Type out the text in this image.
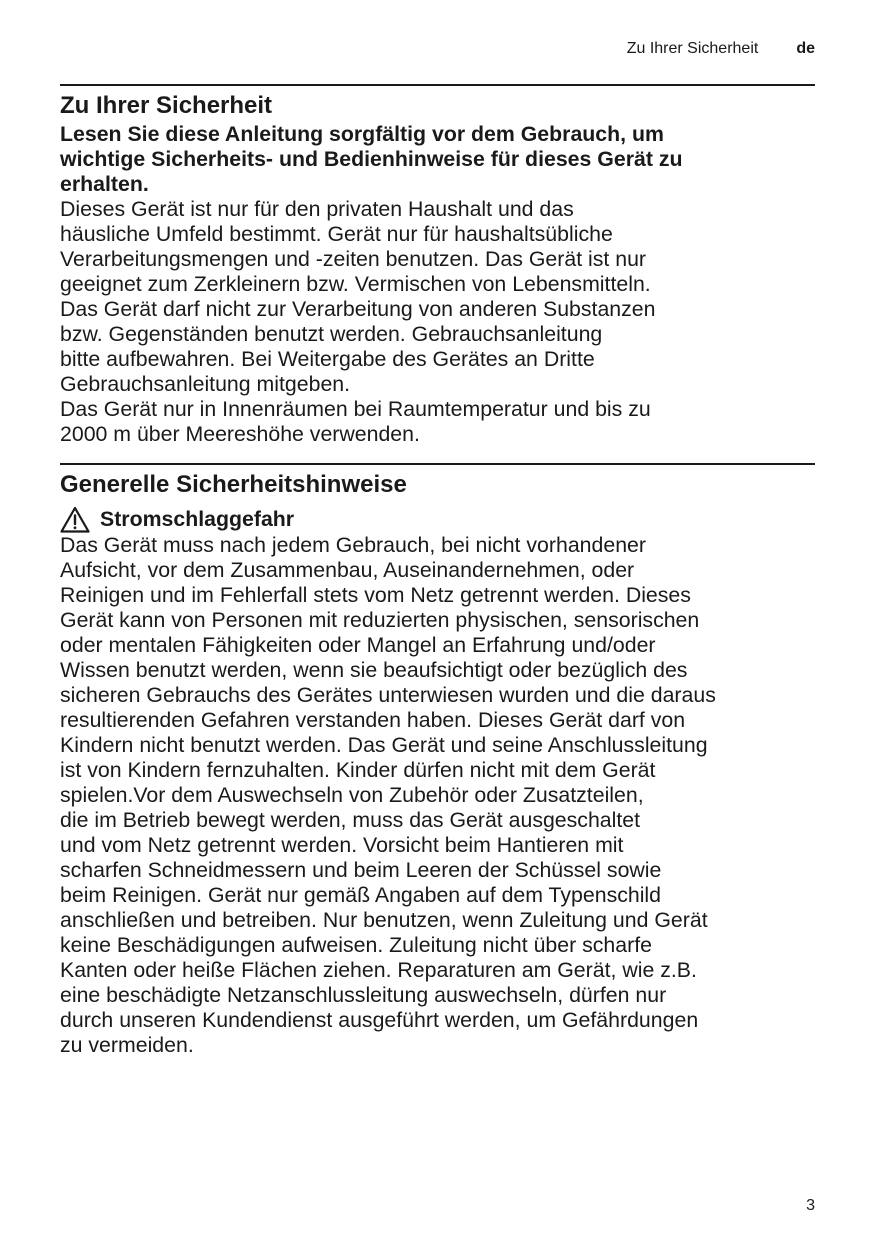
Zu Ihrer Sicherheit de
Zu Ihrer Sicherheit

Lesen Sie diese Anleitung sorgfältig vor dem Gebrauch, um
wichtige Sicherheits- und Bedienhinweise für dieses Gerät zu
erhalten.

Dieses Gerät ist nur für den privaten Haushalt und das
häusliche Umfeld bestimmt. Gerät nur für haushaltsübliche
Verarbeitungsmengen und -zeiten benutzen. Das Gerät ist nur
geeignet zum Zerkleinern bzw. Vermischen von Lebensmitteln.
Das Gerät darf nicht zur Verarbeitung von anderen Substanzen
bzw. Gegenständen benutzt werden. Gebrauchsanleitung
bitte aufbewahren. Bei Weitergabe des Gerätes an Dritte
Gebrauchsanleitung mitgeben.
Das Gerät nur in Innenräumen bei Raumtemperatur und bis zu
2000 m über Meereshöhe verwenden.

Generelle Sicherheitshinweise
Stromschlaggefahr

Das Gerät muss nach jedem Gebrauch, bei nicht vorhandener
Aufsicht, vor dem Zusammenbau, Auseinandernehmen, oder
Reinigen und im Fehlerfall stets vom Netz getrennt werden. Dieses
Gerät kann von Personen mit reduzierten physischen, sensorischen
oder mentalen Fähigkeiten oder Mangel an Erfahrung und/oder
Wissen benutzt werden, wenn sie beaufsichtigt oder bezüglich des
sicheren Gebrauchs des Gerätes unterwiesen wurden und die daraus
resultierenden Gefahren verstanden haben. Dieses Gerät darf von
Kindern nicht benutzt werden. Das Gerät und seine Anschlussleitung
ist von Kindern fernzuhalten. Kinder dürfen nicht mit dem Gerät
spielen.Vor dem Auswechseln von Zubehör oder Zusatzteilen,
die im Betrieb bewegt werden, muss das Gerät ausgeschaltet
und vom Netz getrennt werden. Vorsicht beim Hantieren mit
scharfen Schneidmessern und beim Leeren der Schüssel sowie
beim Reinigen. Gerät nur gemäß Angaben auf dem Typenschild
anschließen und betreiben. Nur benutzen, wenn Zuleitung und Gerät
keine Beschädigungen aufweisen. Zuleitung nicht über scharfe
Kanten oder heiße Flächen ziehen. Reparaturen am Gerät, wie z.B.
eine beschädigte Netzanschlussleitung auswechseln, dürfen nur
durch unseren Kundendienst ausgeführt werden, um Gefährdungen
zu vermeiden.

3
